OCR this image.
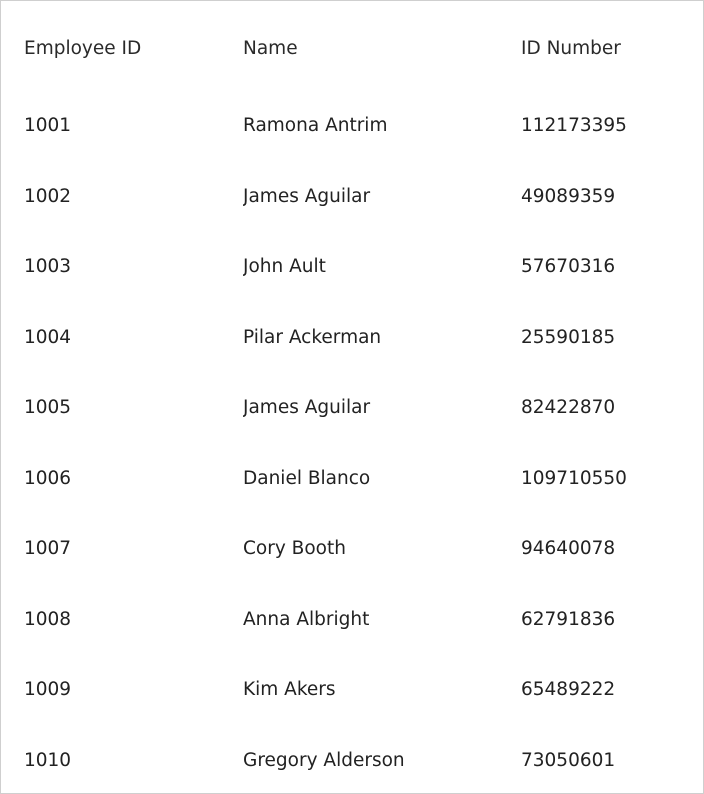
Employee ID	Name	ID Number
1001	Ramona Antrim	112173395
1002	James Aguilar	49089359
1003	John Ault	57670316
1004	Pilar Ackerman	25590185
1005	James Aguilar	82422870
1006	Daniel Blanco	109710550
1007	Cory Booth	94640078
1008	Anna Albright	62791836
1009	Kim Akers	65489222
1010	Gregory Alderson	73050601
